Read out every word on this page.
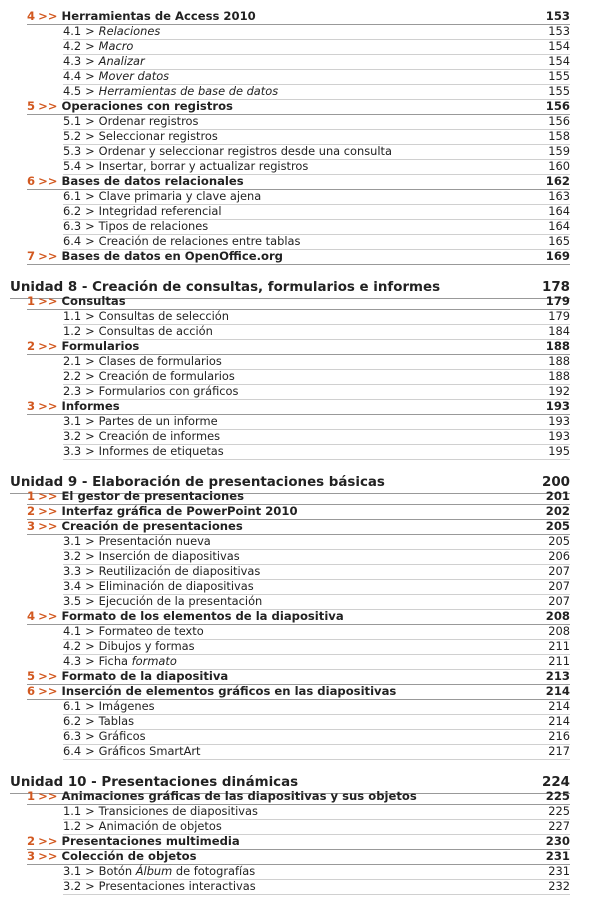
4 >> Herramientas de Access 2010	153
4.1 > Relaciones	153
4.2 > Macro	154
4.3 > Analizar	154
4.4 > Mover datos	155
4.5 > Herramientas de base de datos	155
5 >> Operaciones con registros	156
5.1 > Ordenar registros	156
5.2 > Seleccionar registros	158
5.3 > Ordenar y seleccionar registros desde una consulta	159
5.4 > Insertar, borrar y actualizar registros	160
6 >> Bases de datos relacionales	162
6.1 > Clave primaria y clave ajena	163
6.2 > Integridad referencial	164
6.3 > Tipos de relaciones	164
6.4 > Creación de relaciones entre tablas	165
7 >> Bases de datos en OpenOffice.org	169
Unidad 8 - Creación de consultas, formularios e informes	178
1 >> Consultas	179
1.1 > Consultas de selección	179
1.2 > Consultas de acción	184
2 >> Formularios	188
2.1 > Clases de formularios	188
2.2 > Creación de formularios	188
2.3 > Formularios con gráficos	192
3 >> Informes	193
3.1 > Partes de un informe	193
3.2 > Creación de informes	193
3.3 > Informes de etiquetas	195
Unidad 9 - Elaboración de presentaciones básicas	200
1 >> El gestor de presentaciones	201
2 >> Interfaz gráfica de PowerPoint 2010	202
3 >> Creación de presentaciones	205
3.1 > Presentación nueva	205
3.2 > Inserción de diapositivas	206
3.3 > Reutilización de diapositivas	207
3.4 > Eliminación de diapositivas	207
3.5 > Ejecución de la presentación	207
4 >> Formato de los elementos de la diapositiva	208
4.1 > Formateo de texto	208
4.2 > Dibujos y formas	211
4.3 > Ficha formato	211
5 >> Formato de la diapositiva	213
6 >> Inserción de elementos gráficos en las diapositivas	214
6.1 > Imágenes	214
6.2 > Tablas	214
6.3 > Gráficos	216
6.4 > Gráficos SmartArt	217
Unidad 10 - Presentaciones dinámicas	224
1 >> Animaciones gráficas de las diapositivas y sus objetos	225
1.1 > Transiciones de diapositivas	225
1.2 > Animación de objetos	227
2 >> Presentaciones multimedia	230
3 >> Colección de objetos	231
3.1 > Botón Álbum de fotografías	231
3.2 > Presentaciones interactivas	232
